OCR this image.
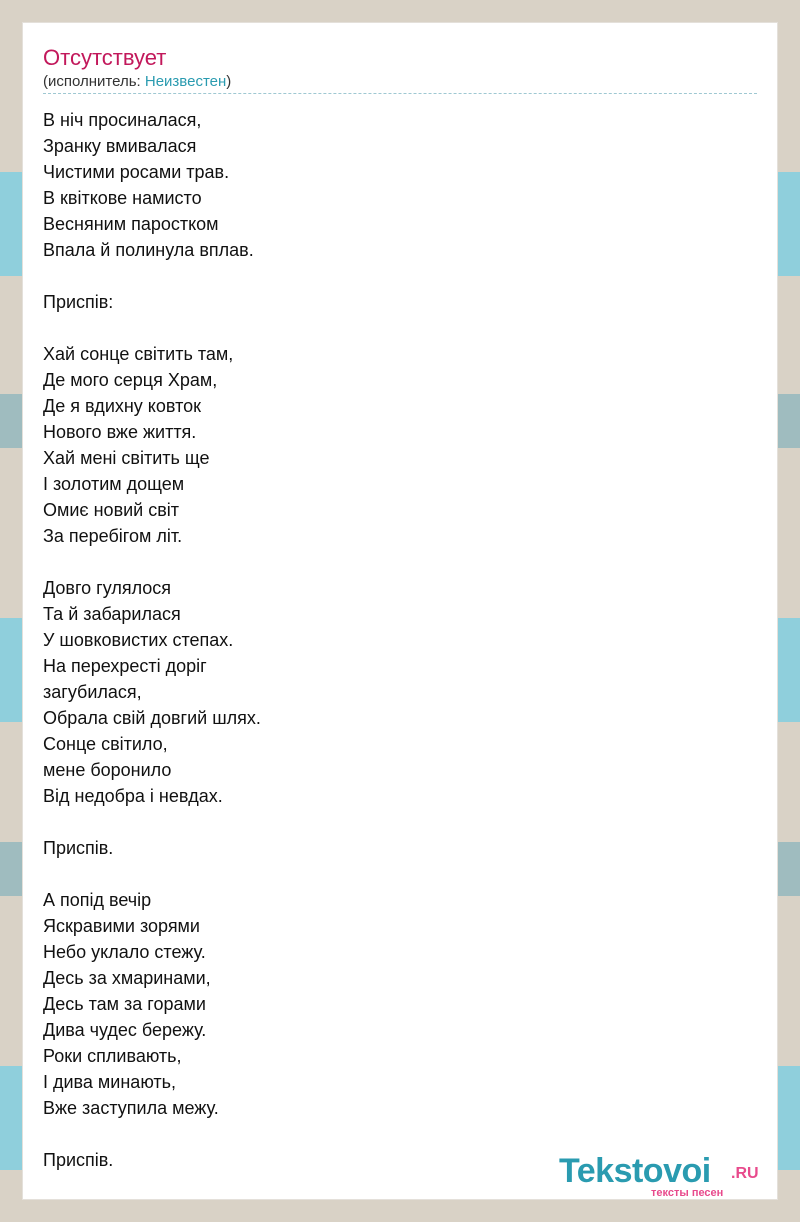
Отсутствует
(исполнитель: Неизвестен)
В ніч просиналася,
Зранку вмивалася
Чистими росами трав.
В квіткове намисто
Весняним паростком
Впала й полинула вплав.
Приспів:
Хай сонце світить там,
Де мого серця Храм,
Де я вдихну ковток
Нового вже життя.
Хай мені світить ще
І золотим дощем
Омиє новий світ
За перебігом літ.
Довго гулялося
Та й забарилася
У шовковистих степах.
На перехресті доріг
загубилася,
Обрала свій довгий шлях.
Сонце світило,
мене боронило
Від недобра і невдах.
Приспів.
А попід вечір
Яскравими зорями
Небо уклало стежу.
Десь за хмаринами,
Десь там за горами
Дива чудес бережу.
Роки спливають,
І дива минають,
Вже заступила межу.
Приспів.	Tekstovoi .RU
тексты песен
